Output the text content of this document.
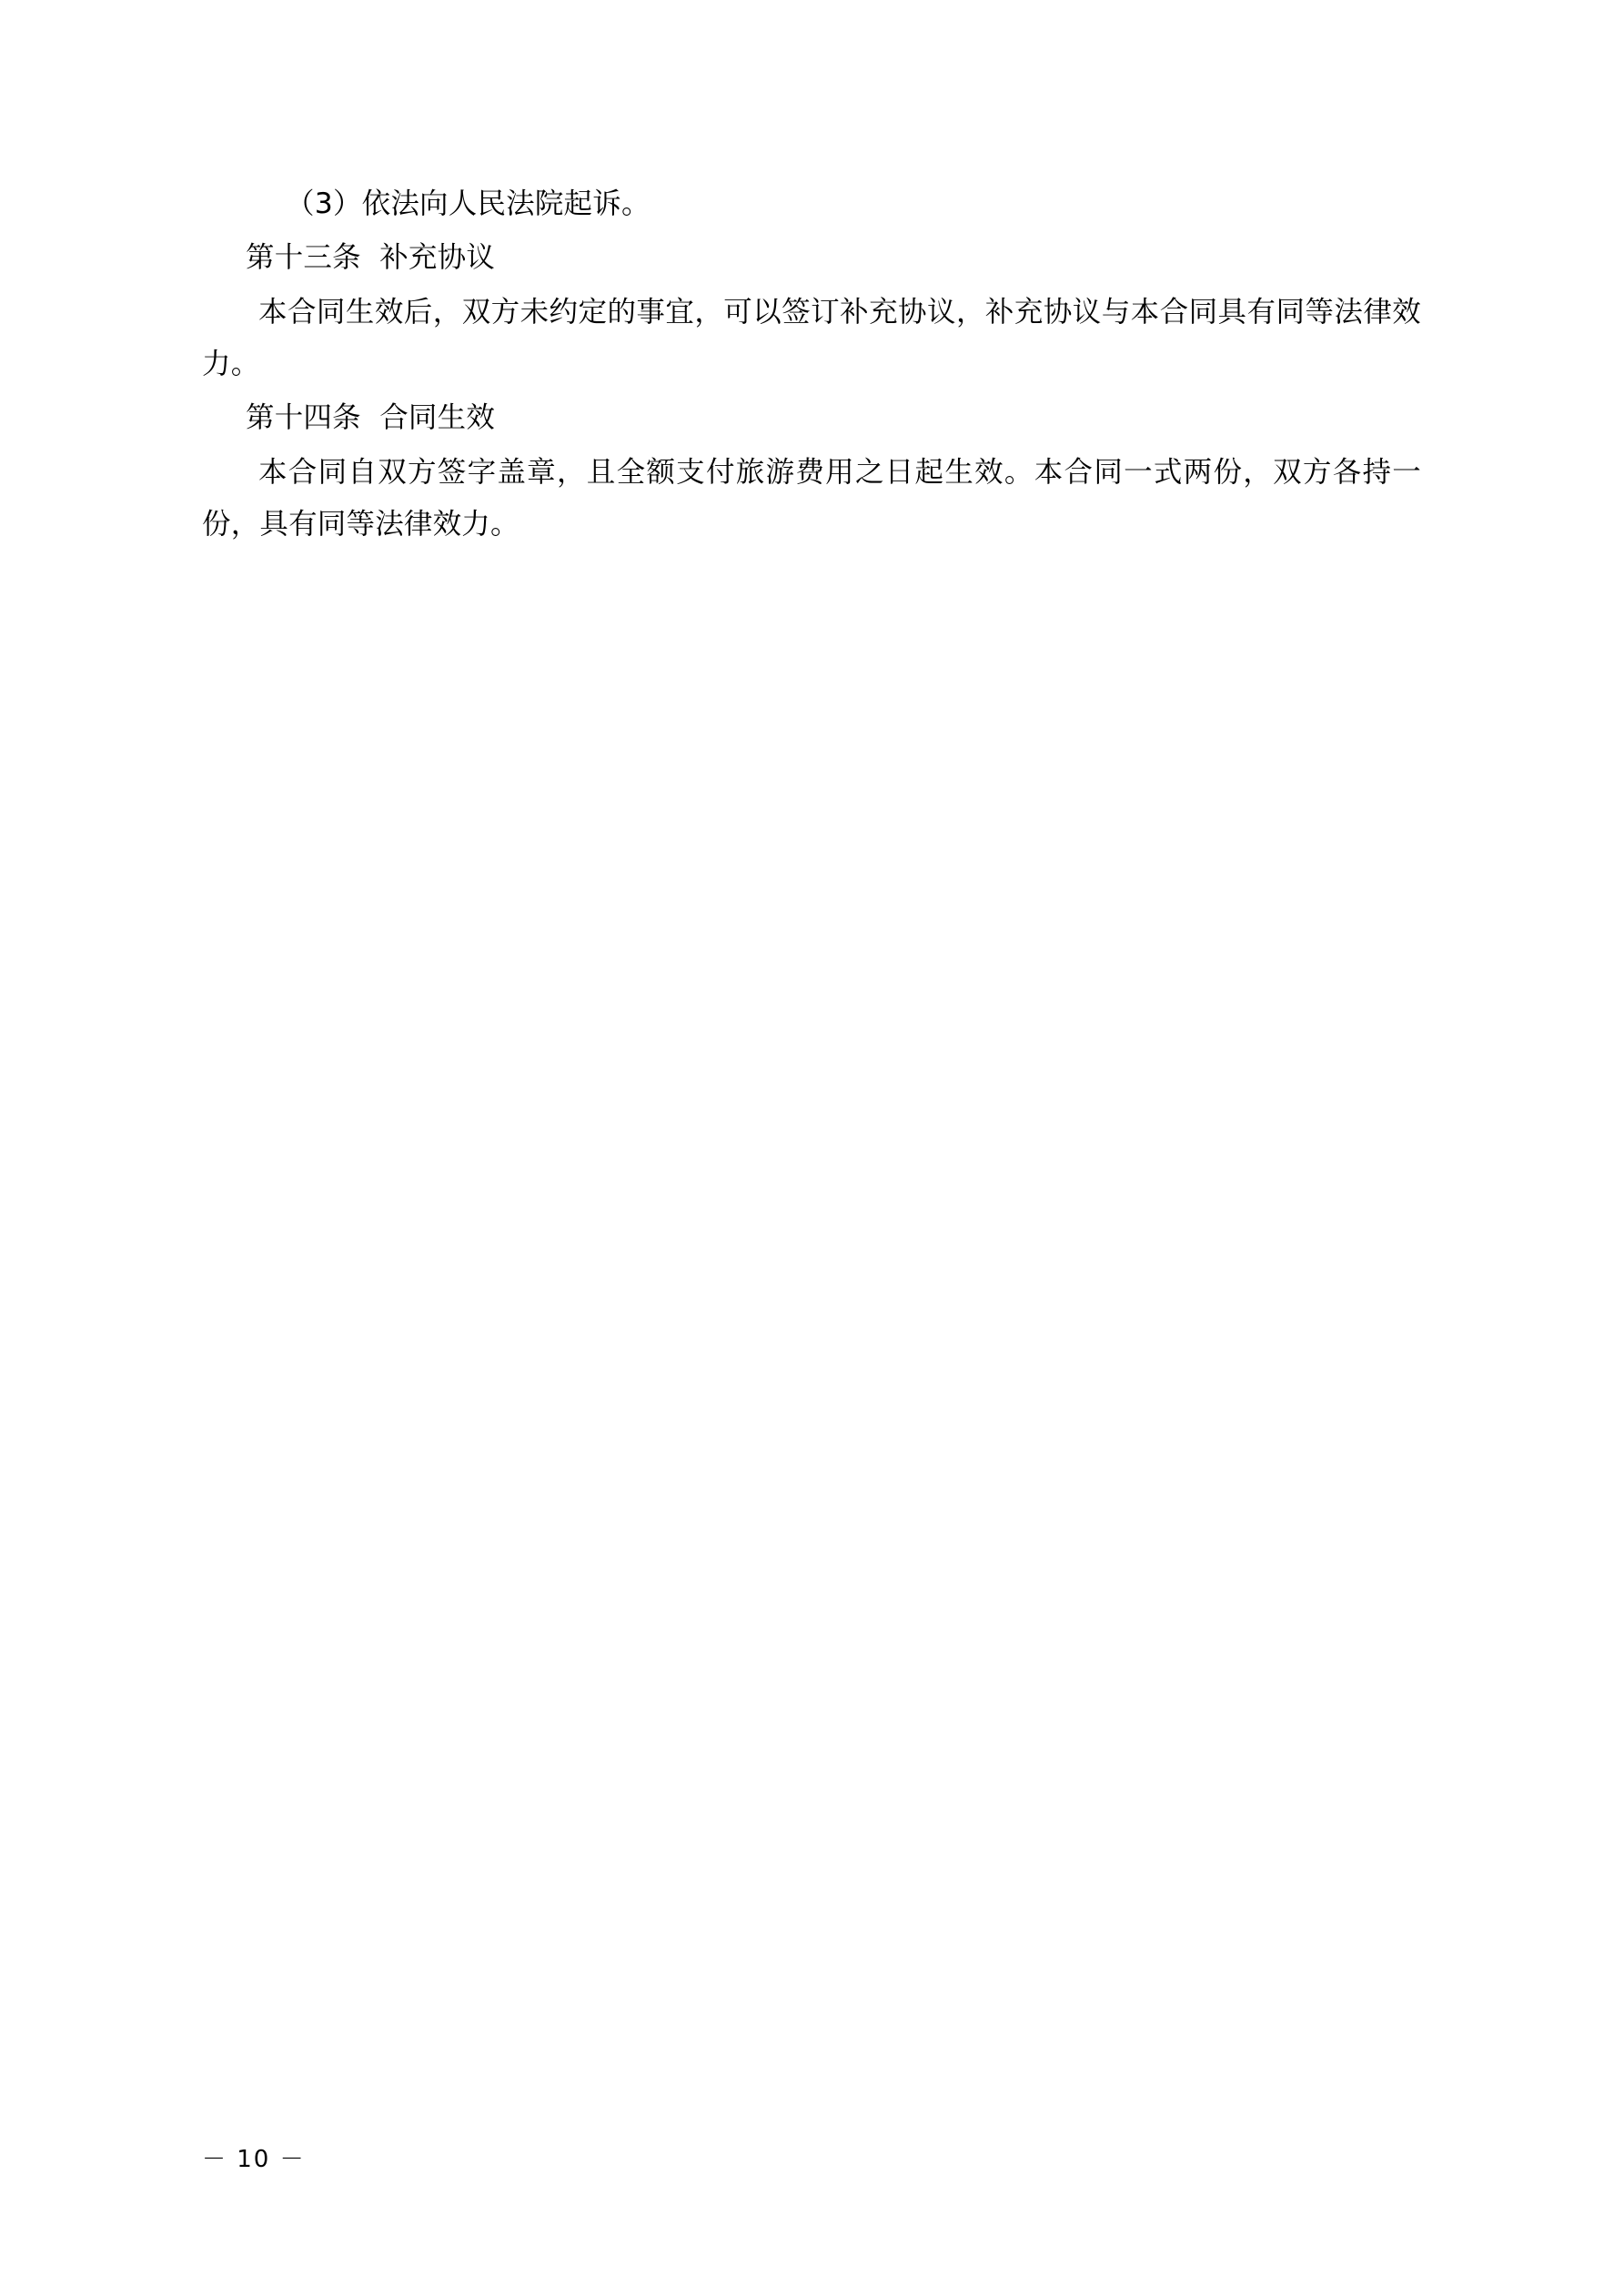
（3）依法向人民法院起诉。

第十三条  补充协议

本合同生效后，双方未约定的事宜，可以签订补充协议，补充协议与本合同具有同等法律效力。

第十四条  合同生效

本合同自双方签字盖章，且全额支付旅游费用之日起生效。本合同一式两份，双方各持一份，具有同等法律效力。

－ 10 －
